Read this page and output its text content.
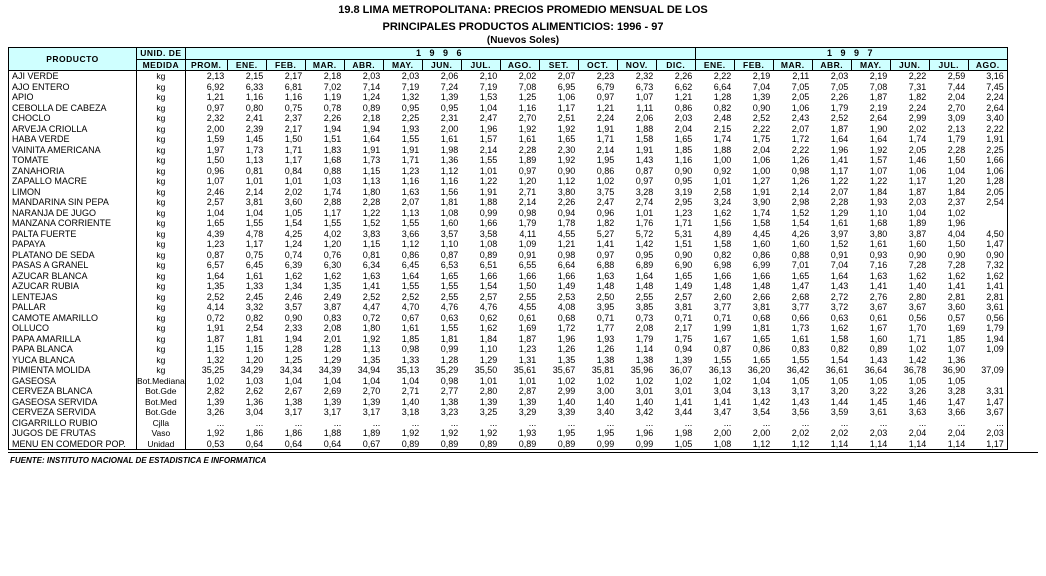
19.8 LIMA METROPOLITANA: PRECIOS PROMEDIO MENSUAL DE LOS
PRINCIPALES PRODUCTOS ALIMENTICIOS: 1996 - 97
(Nuevos Soles)
PRODUCTO	UNID. DE	1 9 9 6													1 9 9 7							
	MEDIDA	PROM.	ENE.	FEB.	MAR.	ABR.	MAY.	JUN.	JUL.	AGO.	SET.	OCT.	NOV.	DIC.	ENE.	FEB.	MAR.	ABR.	MAY.	JUN.	JUL.	AGO.
AJI VERDE	kg	2,13	2,15	2,17	2,18	2,03	2,03	2,06	2,10	2,02	2,07	2,23	2,32	2,26	2,22	2,19	2,11	2,03	2,19	2,22	2,59	3,16
AJO ENTERO	kg	6,92	6,33	6,81	7,02	7,14	7,19	7,24	7,19	7,08	6,95	6,79	6,73	6,62	6,64	7,04	7,05	7,05	7,08	7,31	7,44	7,45
APIO	kg	1,21	1,16	1,16	1,19	1,24	1,32	1,39	1,53	1,25	1,06	0,97	1,07	1,21	1,28	1,39	2,05	2,26	1,87	1,82	2,04	2,24
CEBOLLA DE CABEZA	kg	0,97	0,80	0,75	0,78	0,89	0,95	0,95	1,04	1,16	1,17	1,21	1,11	0,86	0,82	0,90	1,06	1,79	2,19	2,24	2,70	2,64
CHOCLO	kg	2,32	2,41	2,37	2,26	2,18	2,25	2,31	2,47	2,70	2,51	2,24	2,06	2,03	2,48	2,52	2,43	2,52	2,64	2,99	3,09	3,40
ARVEJA CRIOLLA	kg	2,00	2,39	2,17	1,94	1,94	1,93	2,00	1,96	1,92	1,92	1,91	1,88	2,04	2,15	2,22	2,07	1,87	1,90	2,02	2,13	2,22
HABA VERDE	kg	1,59	1,45	1,50	1,51	1,64	1,55	1,61	1,57	1,61	1,65	1,71	1,58	1,65	1,74	1,75	1,72	1,64	1,64	1,74	1,79	1,91
VAINITA AMERICANA	kg	1,97	1,73	1,71	1,83	1,91	1,91	1,98	2,14	2,28	2,30	2,14	1,91	1,85	1,88	2,04	2,22	1,96	1,92	2,05	2,28	2,25
TOMATE	kg	1,50	1,13	1,17	1,68	1,73	1,71	1,36	1,55	1,89	1,92	1,95	1,43	1,16	1,00	1,06	1,26	1,41	1,57	1,46	1,50	1,66
ZANAHORIA	kg	0,96	0,81	0,84	0,88	1,15	1,23	1,12	1,01	0,97	0,90	0,86	0,87	0,90	0,92	1,00	0,98	1,17	1,07	1,06	1,04	1,06
ZAPALLO MACRE	kg	1,07	1,01	1,01	1,03	1,13	1,16	1,16	1,22	1,20	1,12	1,02	0,97	0,95	1,01	1,27	1,26	1,22	1,22	1,17	1,20	1,28
LIMON	kg	2,46	2,14	2,02	1,74	1,80	1,63	1,56	1,91	2,71	3,80	3,75	3,28	3,19	2,58	1,91	2,14	2,07	1,84	1,87	1,84	2,05
MANDARINA SIN PEPA	kg	2,57	3,81	3,60	2,88	2,28	2,07	1,81	1,88	2,14	2,26	2,47	2,74	2,95	3,24	3,90	2,98	2,28	1,93	2,03	2,37	2,54
NARANJA DE JUGO	kg	1,04	1,04	1,05	1,17	1,22	1,13	1,08	0,99	0,98	0,94	0,96	1,01	1,23	1,62	1,74	1,52	1,29	1,10	1,04	1,02	
MANZANA CORRIENTE	kg	1,65	1,55	1,54	1,55	1,52	1,55	1,60	1,66	1,79	1,78	1,82	1,76	1,71	1,56	1,58	1,54	1,61	1,68	1,89	1,96	
PALTA FUERTE	kg	4,39	4,78	4,25	4,02	3,83	3,66	3,57	3,58	4,11	4,55	5,27	5,72	5,31	4,89	4,45	4,26	3,97	3,80	3,87	4,04	4,50
PAPAYA	kg	1,23	1,17	1,24	1,20	1,15	1,12	1,10	1,08	1,09	1,21	1,41	1,42	1,51	1,58	1,60	1,60	1,52	1,61	1,60	1,50	1,47
PLATANO DE SEDA	kg	0,87	0,75	0,74	0,76	0,81	0,86	0,87	0,89	0,91	0,98	0,97	0,95	0,90	0,82	0,86	0,88	0,91	0,93	0,90	0,90	0,90
PASAS A GRANEL	kg	6,57	6,45	6,39	6,30	6,34	6,45	6,53	6,51	6,55	6,64	6,88	6,89	6,90	6,98	6,99	7,01	7,04	7,16	7,28	7,28	7,32
AZUCAR BLANCA	kg	1,64	1,61	1,62	1,62	1,63	1,64	1,65	1,66	1,66	1,66	1,63	1,64	1,65	1,66	1,66	1,65	1,64	1,63	1,62	1,62	1,62
AZUCAR RUBIA	kg	1,35	1,33	1,34	1,35	1,41	1,55	1,55	1,54	1,50	1,49	1,48	1,48	1,49	1,48	1,48	1,47	1,43	1,41	1,40	1,41	1,41
LENTEJAS	kg	2,52	2,45	2,46	2,49	2,52	2,52	2,55	2,57	2,55	2,53	2,50	2,55	2,57	2,60	2,66	2,68	2,72	2,76	2,80	2,81	2,81
PALLAR	kg	4,14	3,32	3,57	3,87	4,47	4,70	4,76	4,76	4,55	4,08	3,95	3,85	3,81	3,77	3,81	3,77	3,72	3,67	3,67	3,60	3,61
CAMOTE AMARILLO	kg	0,72	0,82	0,90	0,83	0,72	0,67	0,63	0,62	0,61	0,68	0,71	0,73	0,71	0,71	0,68	0,66	0,63	0,61	0,56	0,57	0,56
OLLUCO	kg	1,91	2,54	2,33	2,08	1,80	1,61	1,55	1,62	1,69	1,72	1,77	2,08	2,17	1,99	1,81	1,73	1,62	1,67	1,70	1,69	1,79
PAPA AMARILLA	kg	1,87	1,81	1,94	2,01	1,92	1,85	1,81	1,84	1,87	1,96	1,93	1,79	1,75	1,67	1,65	1,61	1,58	1,60	1,71	1,85	1,94
PAPA BLANCA	kg	1,15	1,15	1,28	1,28	1,13	0,98	0,99	1,10	1,23	1,26	1,26	1,14	0,94	0,87	0,86	0,83	0,82	0,89	1,02	1,07	1,09
YUCA BLANCA	kg	1,32	1,20	1,25	1,29	1,35	1,33	1,28	1,29	1,31	1,35	1,38	1,38	1,39	1,55	1,65	1,55	1,54	1,43	1,42	1,36	
PIMIENTA MOLIDA	kg	35,25	34,29	34,34	34,39	34,94	35,13	35,29	35,50	35,61	35,67	35,81	35,96	36,07	36,13	36,20	36,42	36,61	36,64	36,78	36,90	37,09
GASEOSA	Bot.Mediana	1,02	1,03	1,04	1,04	1,04	1,04	0,98	1,01	1,01	1,02	1,02	1,02	1,02	1,02	1,04	1,05	1,05	1,05	1,05	1,05	
CERVEZA BLANCA	Bot.Gde	2,82	2,62	2,67	2,69	2,70	2,71	2,77	2,80	2,87	2,99	3,00	3,01	3,01	3,04	3,13	3,17	3,20	3,22	3,26	3,28	3,31
GASEOSA SERVIDA	Bot.Med	1,39	1,36	1,38	1,39	1,39	1,40	1,38	1,39	1,39	1,40	1,40	1,40	1,41	1,41	1,42	1,43	1,44	1,45	1,46	1,47	1,47
CERVEZA SERVIDA	Bot.Gde	3,26	3,04	3,17	3,17	3,17	3,18	3,23	3,25	3,29	3,39	3,40	3,42	3,44	3,47	3,54	3,56	3,59	3,61	3,63	3,66	3,67
CIGARRILLO RUBIO	Cjlla	...	...	...	...	...	...	...	...	...	...	...	...	...	...	...	...	...	...	...	...	...
JUGOS DE FRUTAS	Vaso	1,92	1,86	1,86	1,88	1,89	1,92	1,92	1,92	1,93	1,95	1,95	1,96	1,98	2,00	2,00	2,02	2,02	2,03	2,04	2,04	2,03
MENU EN COMEDOR POP.	Unidad	0,53	0,64	0,64	0,64	0,67	0,89	0,89	0,89	0,89	0,89	0,99	0,99	1,05	1,08	1,12	1,12	1,14	1,14	1,14	1,14	1,17
FUENTE: INSTITUTO NACIONAL DE ESTADISTICA E INFORMATICA
